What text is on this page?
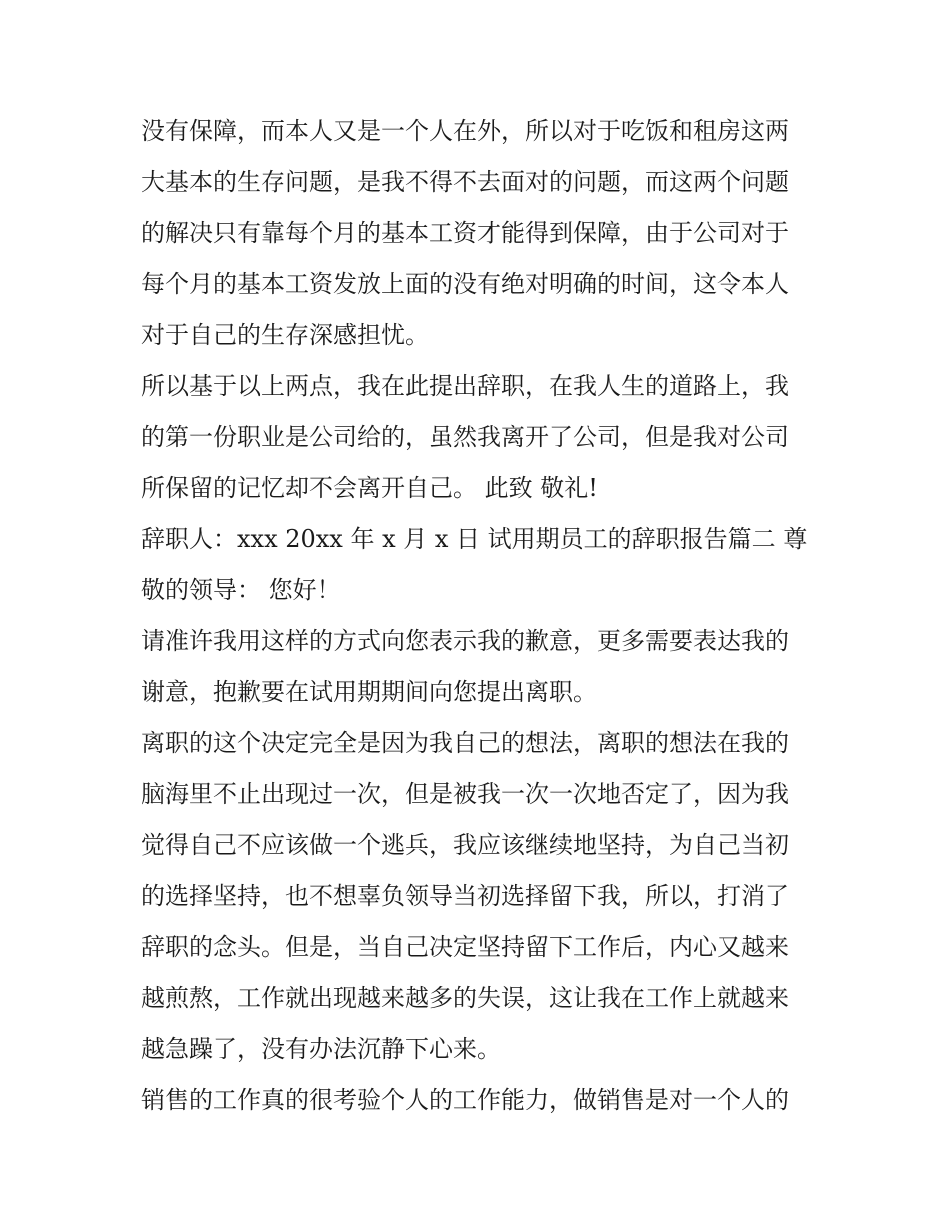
没有保障，而本人又是一个人在外，所以对于吃饭和租房这两
大基本的生存问题，是我不得不去面对的问题，而这两个问题
的解决只有靠每个月的基本工资才能得到保障，由于公司对于
每个月的基本工资发放上面的没有绝对明确的时间，这令本人
对于自己的生存深感担忧。
所以基于以上两点，我在此提出辞职，在我人生的道路上，我
的第一份职业是公司给的，虽然我离开了公司，但是我对公司
所保留的记忆却不会离开自己。 此致 敬礼!
辞职人：xxx 20xx 年 x 月 x 日 试用期员工的辞职报告篇二 尊
敬的领导： 您好！
请准许我用这样的方式向您表示我的歉意，更多需要表达我的
谢意，抱歉要在试用期期间向您提出离职。
离职的这个决定完全是因为我自己的想法，离职的想法在我的
脑海里不止出现过一次，但是被我一次一次地否定了，因为我
觉得自己不应该做一个逃兵，我应该继续地坚持，为自己当初
的选择坚持，也不想辜负领导当初选择留下我，所以，打消了
辞职的念头。但是，当自己决定坚持留下工作后，内心又越来
越煎熬，工作就出现越来越多的失误，这让我在工作上就越来
越急躁了，没有办法沉静下心来。
销售的工作真的很考验个人的工作能力，做销售是对一个人的
